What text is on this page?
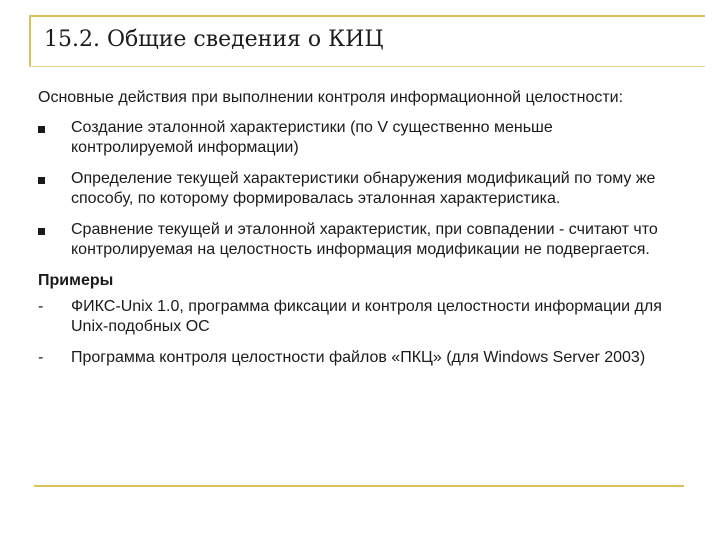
15.2. Общие сведения о КИЦ
Основные действия при выполнении контроля информационной целостности:
Создание эталонной характеристики (по V существенно меньше контролируемой информации)
Определение текущей характеристики обнаружения модификаций по тому же способу, по которому формировалась эталонная характеристика.
Сравнение текущей и эталонной характеристик, при совпадении - считают что контролируемая на целостность информация модификации не подвергается.
Примеры
- ФИКС-Unix 1.0, программа фиксации и контроля целостности информации для Unix-подобных ОС
- Программа контроля целостности файлов «ПКЦ» (для Windows Server 2003)
